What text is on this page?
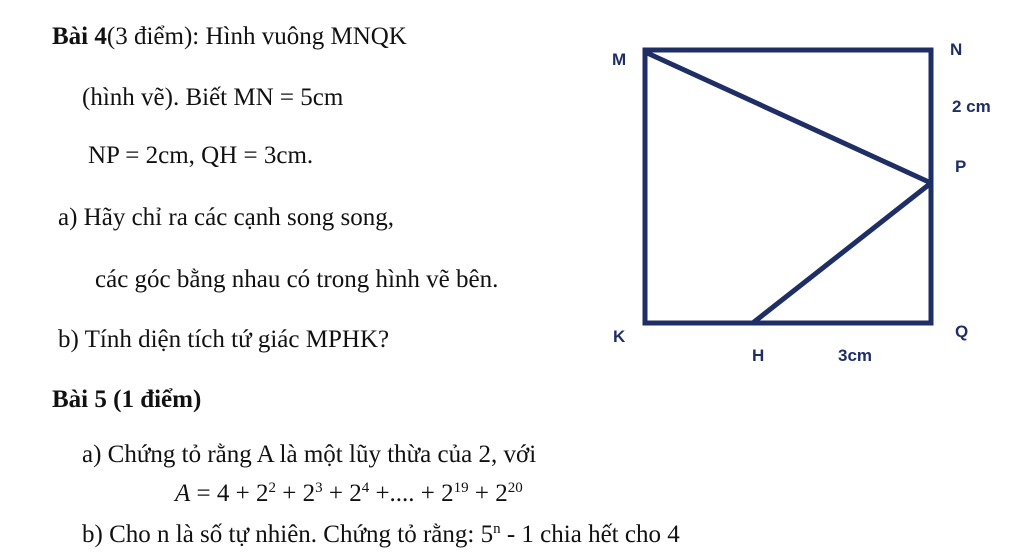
Bài 4(3 điểm): Hình vuông MNQK
(hình vẽ). Biết MN = 5cm
NP = 2cm, QH = 3cm.
a) Hãy chỉ ra các cạnh song song,
các góc bằng nhau có trong hình vẽ bên.
b) Tính diện tích tứ giác MPHK?
M
N
2 cm
P
K	Q
H	3cm
Bài 5 (1 điểm)
a) Chứng tỏ rằng A là một lũy thừa của 2, với
$A = 4 + 2^2 + 2^3 + 2^4$ +.... + $2^{19} + 2^{20}$
b) Cho n là số tự nhiên. Chứng tỏ rằng: 5$^n$ - 1 chia hết cho 4
